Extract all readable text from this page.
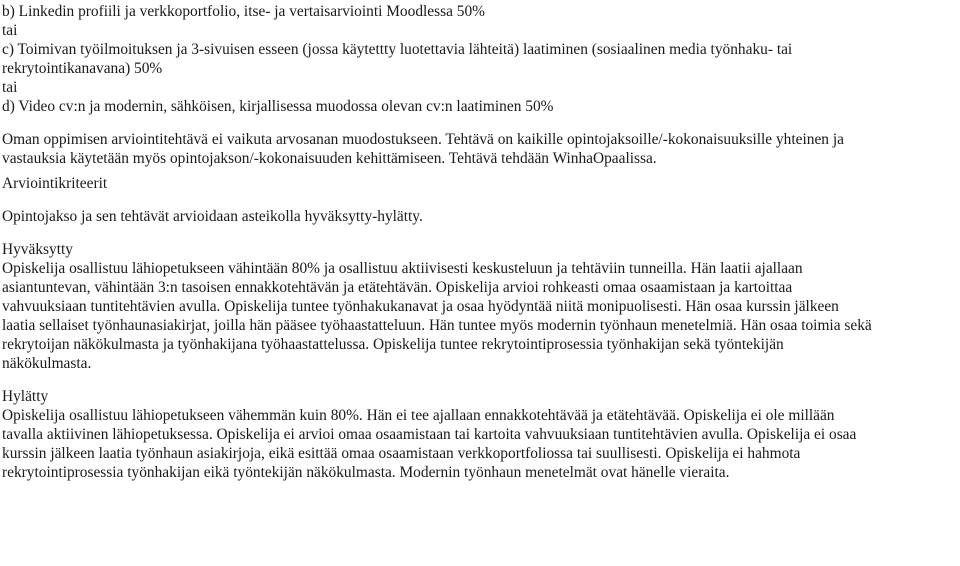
b) Linkedin profiili ja verkkoportfolio, itse- ja vertaisarviointi Moodlessa 50%
tai
c) Toimivan työilmoituksen ja 3-sivuisen esseen (jossa käytettty luotettavia lähteitä) laatiminen (sosiaalinen media työnhaku- tai
rekrytointikanavana) 50%
tai
d) Video cv:n ja modernin, sähköisen, kirjallisessa muodossa olevan cv:n laatiminen 50%
Oman oppimisen arviointitehtävä ei vaikuta arvosanan muodostukseen. Tehtävä on kaikille opintojaksoille/-kokonaisuuksille yhteinen ja
vastauksia käytetään myös opintojakson/-kokonaisuuden kehittämiseen. Tehtävä tehdään WinhaOpaalissa.
Arviointikriteerit
Opintojakso ja sen tehtävät arvioidaan asteikolla hyväksytty-hylätty.
Hyväksytty
Opiskelija osallistuu lähiopetukseen vähintään 80% ja osallistuu aktiivisesti keskusteluun ja tehtäviin tunneilla. Hän laatii ajallaan
asiantuntevan, vähintään 3:n tasoisen ennakkotehtävän ja etätehtävän. Opiskelija arvioi rohkeasti omaa osaamistaan ja kartoittaa
vahvuuksiaan tuntitehtävien avulla. Opiskelija tuntee työnhakukanavat ja osaa hyödyntää niitä monipuolisesti. Hän osaa kurssin jälkeen
laatia sellaiset työnhaunasiakirjat, joilla hän pääsee työhaastatteluun. Hän tuntee myös modernin työnhaun menetelmiä. Hän osaa toimia sekä
rekrytoijan näkökulmasta ja työnhakijana työhaastattelussa. Opiskelija tuntee rekrytointiprosessia työnhakijan sekä työntekijän
näkökulmasta.
Hylätty
Opiskelija osallistuu lähiopetukseen vähemmän kuin 80%. Hän ei tee ajallaan ennakkotehtävää ja etätehtävää. Opiskelija ei ole millään
tavalla aktiivinen lähiopetuksessa. Opiskelija ei arvioi omaa osaamistaan tai kartoita vahvuuksiaan tuntitehtävien avulla. Opiskelija ei osaa
kurssin jälkeen laatia työnhaun asiakirjoja, eikä esittää omaa osaamistaan verkkoportfoliossa tai suullisesti. Opiskelija ei hahmota
rekrytointiprosessia työnhakijan eikä työntekijän näkökulmasta. Modernin työnhaun menetelmät ovat hänelle vieraita.
